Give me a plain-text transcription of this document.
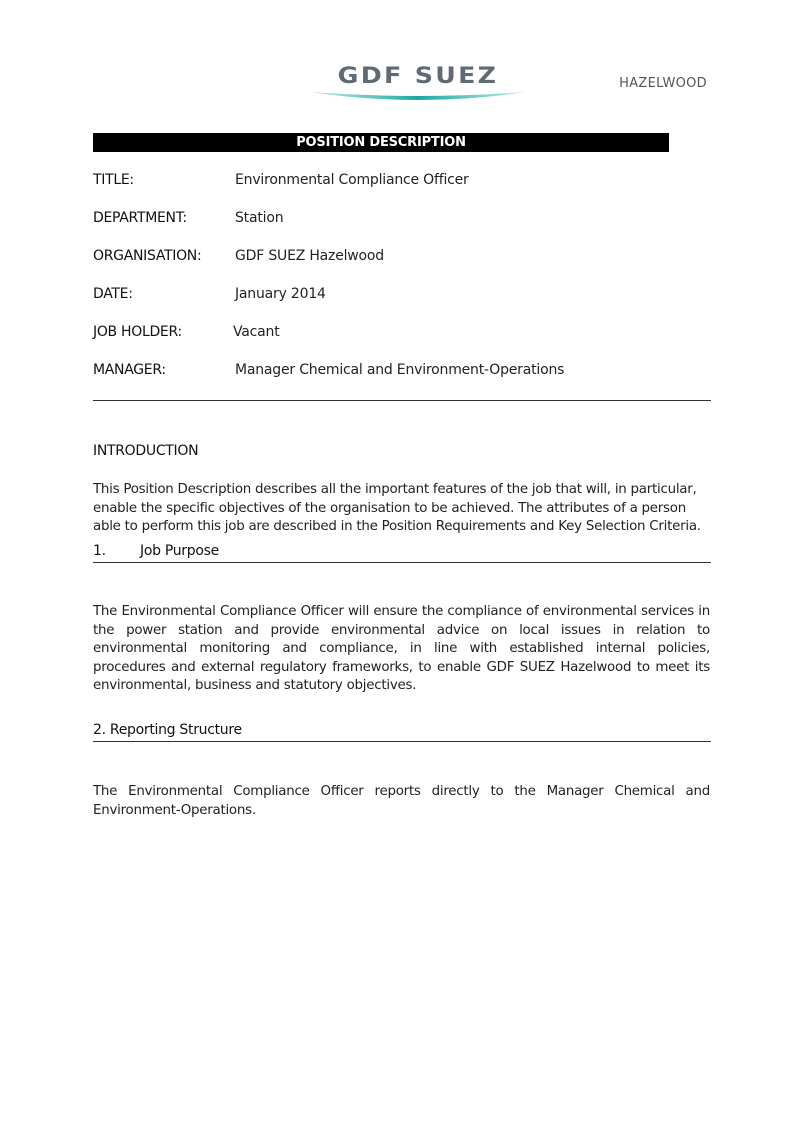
GDF SUEZ	HAZELWOOD
POSITION DESCRIPTION
TITLE:	Environmental Compliance Officer
DEPARTMENT:	Station
ORGANISATION: GDF SUEZ Hazelwood
DATE:	January 2014
JOB HOLDER:	Vacant
MANAGER:	Manager Chemical and Environment-Operations
INTRODUCTION
This Position Description describes all the important features of the job that will, in particular,
enable the specific objectives of the organisation to be achieved. The attributes of a person
able to perform this job are described in the Position Requirements and Key Selection Criteria.
1. Job Purpose
The Environmental Compliance Officer will ensure the compliance of environmental services in the power station and provide environmental advice on local issues in relation to environmental monitoring and compliance, in line with established internal policies, procedures and external regulatory frameworks, to enable GDF SUEZ Hazelwood to meet its environmental, business and statutory objectives.
2. Reporting Structure
The Environmental Compliance Officer reports directly to the Manager Chemical and Environment-Operations.
